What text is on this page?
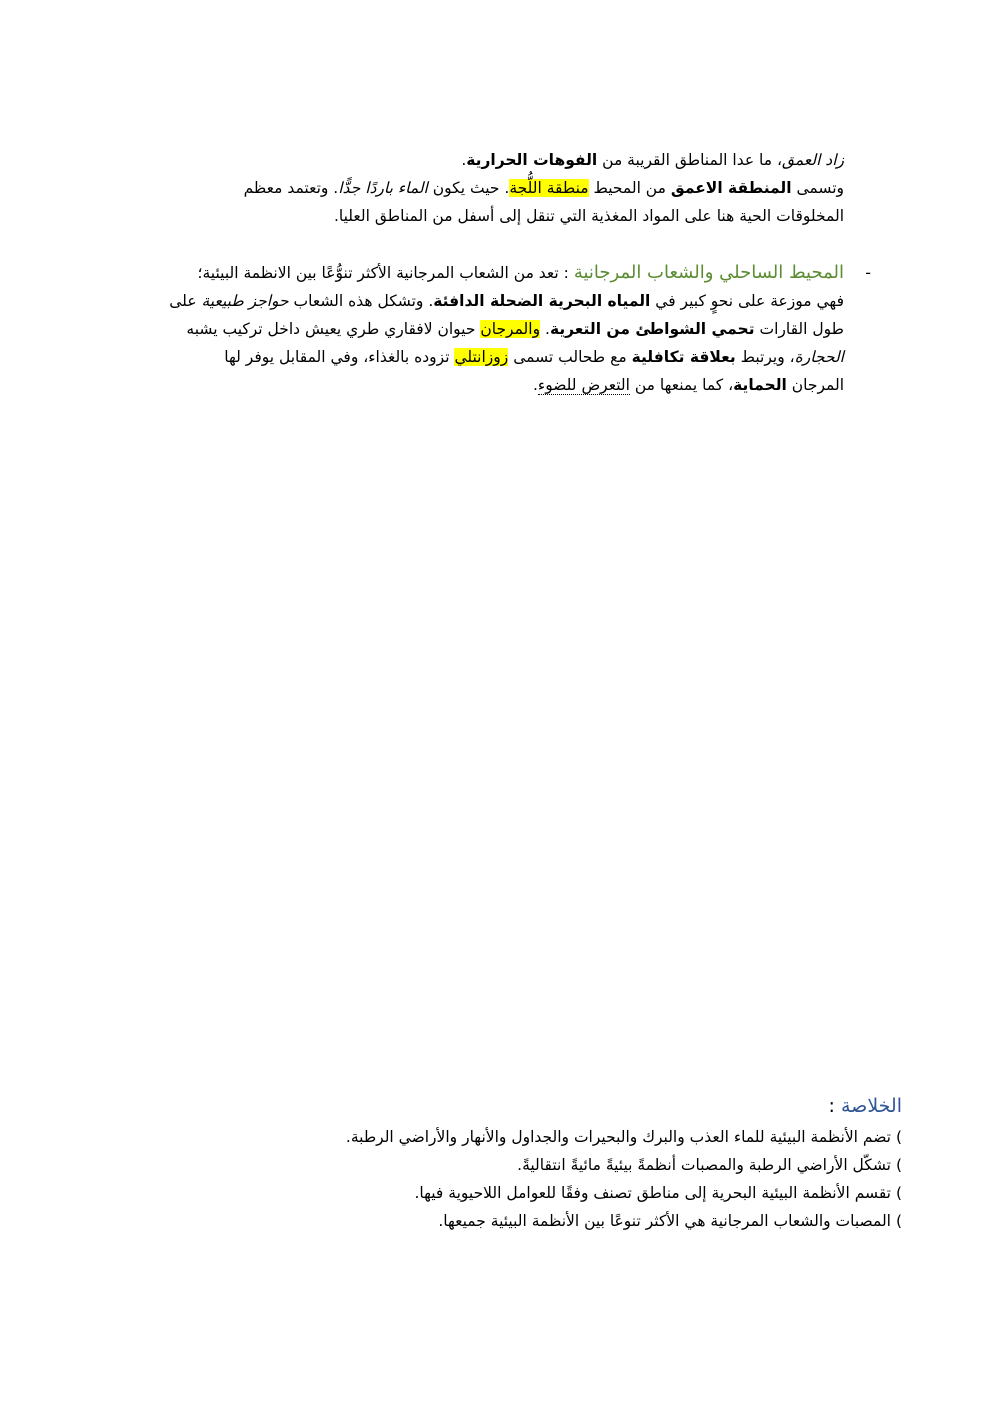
زاد العمق، ما عدا المناطق القريبة من الفوهات الحرارية.
وتسمى المنطقة الاعمق من المحيط منطقة اللُّجة. حيث يكون الماء باردًا جدًّا. وتعتمد معظم
المخلوقات الحية هنا على المواد المغذية التي تنقل إلى أسفل من المناطق العليا.
-
المحيط الساحلي والشعاب المرجانية : تعد من الشعاب المرجانية الأكثر تنوُّعًا بين الانظمة البيئية؛
فهي موزعة على نحوٍ كبير في المياه البحرية الضحلة الدافئة. وتشكل هذه الشعاب حواجز طبيعية على
طول القارات تحمي الشواطئ من التعرية. والمرجان حيوان لافقاري طري يعيش داخل تركيب يشبه
الحجارة، ويرتبط بعلاقة تكافلية مع طحالب تسمى زوزانتلي تزوده بالغذاء، وفي المقابل يوفر لها
المرجان الحماية، كما يمنعها من التعرض للضوء.
الخلاصة :
) تضم الأنظمة البيئية للماء العذب والبرك والبحيرات والجداول والأنهار والأراضي الرطبة.
) تشكّل الأراضي الرطبة والمصبات أنظمةً بيئيةً مائيةً انتقاليةً.
) تقسم الأنظمة البيئية البحرية إلى مناطق تصنف وفقًا للعوامل اللاحيوية فيها.
) المصبات والشعاب المرجانية هي الأكثر تنوعًا بين الأنظمة البيئية جميعها.
